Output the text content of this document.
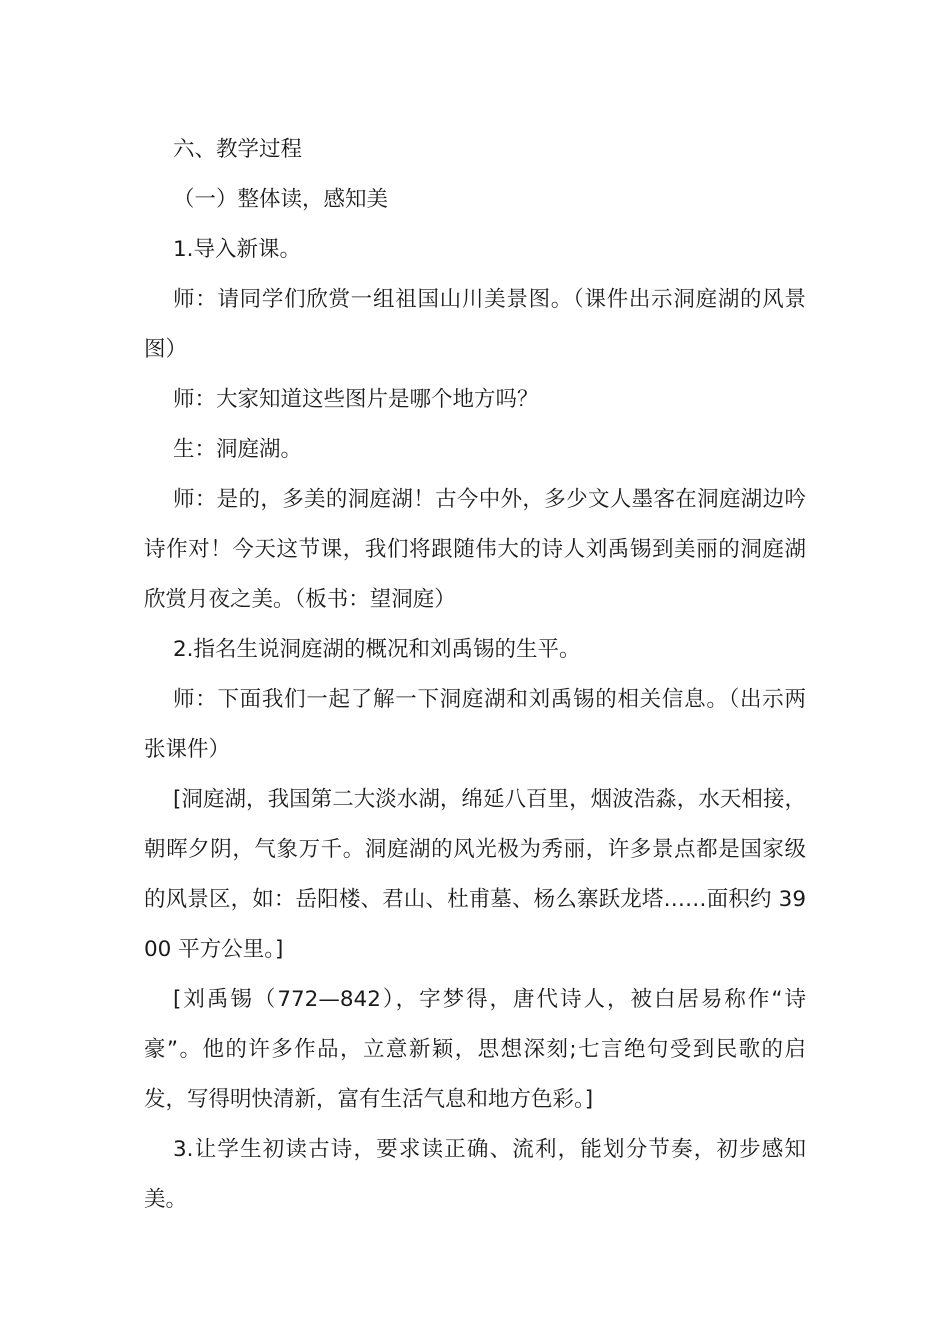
六、教学过程

（一）整体读，感知美

1.导入新课。

师：请同学们欣赏一组祖国山川美景图。（课件出示洞庭湖的风景图）

师：大家知道这些图片是哪个地方吗？

生：洞庭湖。

师：是的，多美的洞庭湖！古今中外，多少文人墨客在洞庭湖边吟诗作对！今天这节课，我们将跟随伟大的诗人刘禹锡到美丽的洞庭湖欣赏月夜之美。（板书：望洞庭）

2.指名生说洞庭湖的概况和刘禹锡的生平。

师：下面我们一起了解一下洞庭湖和刘禹锡的相关信息。（出示两张课件）

[洞庭湖，我国第二大淡水湖，绵延八百里，烟波浩淼，水天相接，朝晖夕阴，气象万千。洞庭湖的风光极为秀丽，许多景点都是国家级的风景区，如：岳阳楼、君山、杜甫墓、杨么寨跃龙塔……面积约 3900 平方公里。]

[刘禹锡（772—842），字梦得，唐代诗人，被白居易称作“诗豪”。他的许多作品，立意新颖，思想深刻;七言绝句受到民歌的启发，写得明快清新，富有生活气息和地方色彩。]

3.让学生初读古诗，要求读正确、流利，能划分节奏，初步感知美。
